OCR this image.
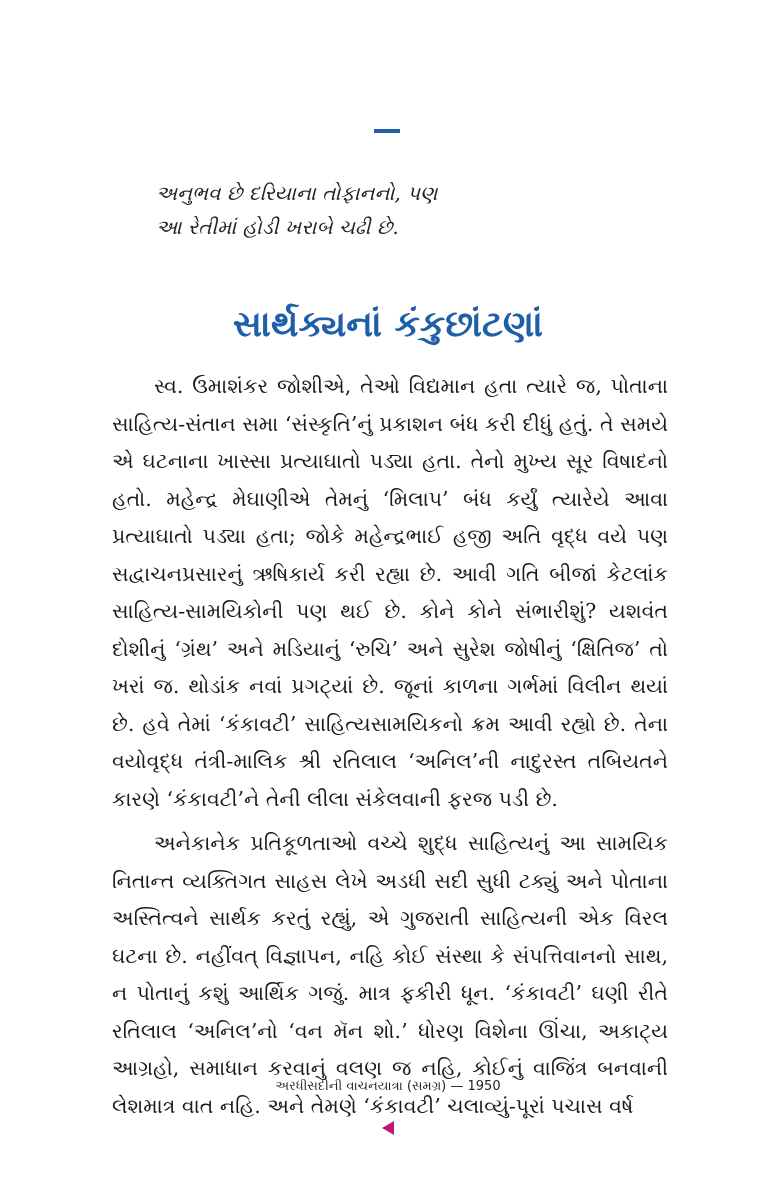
અનુભવ છે દરિયાના તોફાનનો, પણ
આ રેતીમાં હોડી ખરાબે ચઢી છે.
સાર્થક્યનાં કંકુછાંટણાં

સ્વ. ઉમાશંકર જોશીએ, તેઓ વિદ્યમાન હતા ત્યારે જ, પોતાના સાહિત્ય-સંતાન સમા ‘સંસ્કૃતિ’નું પ્રકાશન બંધ કરી દીધું હતું. તે સમયે એ ઘટનાના ખાસ્સા પ્રત્યાઘાતો પડ્યા હતા. તેનો મુખ્ય સૂર વિષાદનો હતો. મહેન્દ્ર મેઘાણીએ તેમનું ‘મિલાપ’ બંધ કર્યું ત્યારેયે આવા પ્રત્યાઘાતો પડ્યા હતા; જોકે મહેન્દ્રભાઈ હજી અતિ વૃદ્ધ વયે પણ સદ્વાચનપ્રસારનું ઋષિકાર્ય કરી રહ્યા છે. આવી ગતિ બીજાં કેટલાંક સાહિત્ય-સામયિકોની પણ થઈ છે. કોને કોને સંભારીશું? યશવંત દોશીનું ‘ગ્રંથ’ અને મડિયાનું ‘રુચિ’ અને સુરેશ જોષીનું ‘ક્ષિતિજ’ તો ખરાં જ. થોડાંક નવાં પ્રગટ્યાં છે. જૂનાં કાળના ગર્ભમાં વિલીન થયાં છે. હવે તેમાં ‘કંકાવટી’ સાહિત્યસામયિકનો ક્રમ આવી રહ્યો છે. તેના વયોવૃદ્ધ તંત્રી-માલિક શ્રી રતિલાલ ‘અનિલ’ની નાદુરસ્ત તબિયતને કારણે ‘કંકાવટી’ને તેની લીલા સંકેલવાની ફરજ પડી છે.

અનેકાનેક પ્રતિકૂળતાઓ વચ્ચે શુદ્ધ સાહિત્યનું આ સામયિક નિતાન્ત વ્યક્તિગત સાહસ લેખે અડધી સદી સુધી ટક્યું અને પોતાના અસ્તિત્વને સાર્થક કરતું રહ્યું, એ ગુજરાતી સાહિત્યની એક વિરલ ઘટના છે. નહીંવત્ વિજ્ઞાપન, નહિ કોઈ સંસ્થા કે સંપત્તિવાનનો સાથ, ન પોતાનું કશું આર્થિક ગજું. માત્ર ફકીરી ધૂન. ‘કંકાવટી’ ઘણી રીતે રતિલાલ ‘અનિલ’નો ‘વન મૅન શો.’ ધોરણ વિશેના ઊંચા, અકાટ્ય આગ્રહો, સમાધાન કરવાનું વલણ જ નહિ, કોઈનું વાજિંત્ર બનવાની લેશમાત્ર વાત નહિ. અને તેમણે ‘કંકાવટી’ ચલાવ્યું-પૂરાં પચાસ વર્ષ

અરધીસદીની વાચનયાત્રા (સમગ્ર) — 1950
